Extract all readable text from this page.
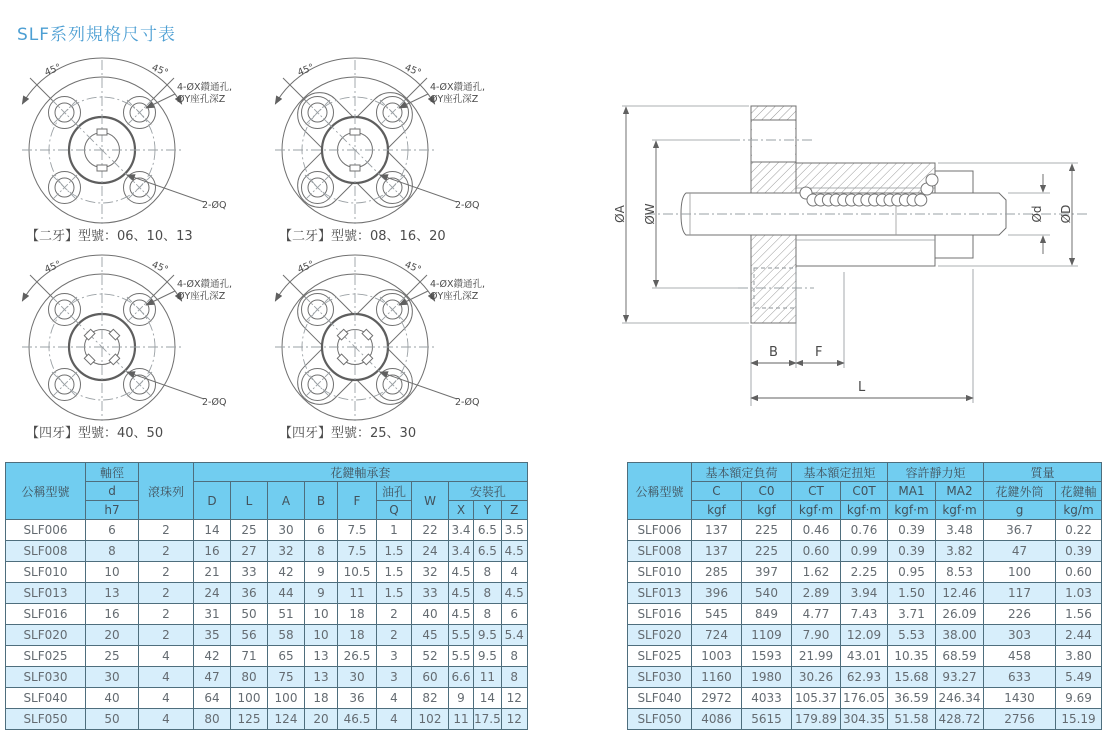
SLF系列規格尺寸表
45°	45°
4-ØX鑽通孔,
ØY座孔深Z
2-ØQ
【二牙】型號：06、10、13
45°	45°
4-ØX鑽通孔,
ØY座孔深Z
2-ØQ
【二牙】型號：08、16、20
45°	45°
4-ØX鑽通孔,
ØY座孔深Z
2-ØQ
【四牙】型號：40、50
45°	45°
4-ØX鑽通孔,
ØY座孔深Z
2-ØQ
【四牙】型號：25、30
ØA ØW	Ød ØD
B	F
L
公稱型號	軸徑	滾珠列	花鍵軸承套									
	d		D	L	A	B	F	油孔	W	安裝孔		
	h7							Q		X	Y	Z
SLF006	6	2	14	25	30	6	7.5	1	22	3.4	6.5	3.5
SLF008	8	2	16	27	32	8	7.5	1.5	24	3.4	6.5	4.5
SLF010	10	2	21	33	42	9	10.5	1.5	32	4.5	8	4
SLF013	13	2	24	36	44	9	11	1.5	33	4.5	8	4.5
SLF016	16	2	31	50	51	10	18	2	40	4.5	8	6
SLF020	20	2	35	56	58	10	18	2	45	5.5	9.5	5.4
SLF025	25	4	42	71	65	13	26.5	3	52	5.5	9.5	8
SLF030	30	4	47	80	75	13	30	3	60	6.6	11	8
SLF040	40	4	64	100	100	18	36	4	82	9	14	12
SLF050	50	4	80	125	124	20	46.5	4	102	11	17.5	12
公稱型號	基本額定負荷		基本額定扭矩		容許靜力矩		質量	
	C	C0	CT	C0T	MA1	MA2	花鍵外筒	花鍵軸
	kgf	kgf	kgf·m	kgf·m	kgf·m	kgf·m	g	kg/m
SLF006	137	225	0.46	0.76	0.39	3.48	36.7	0.22
SLF008	137	225	0.60	0.99	0.39	3.82	47	0.39
SLF010	285	397	1.62	2.25	0.95	8.53	100	0.60
SLF013	396	540	2.89	3.94	1.50	12.46	117	1.03
SLF016	545	849	4.77	7.43	3.71	26.09	226	1.56
SLF020	724	1109	7.90	12.09	5.53	38.00	303	2.44
SLF025	1003	1593	21.99	43.01	10.35	68.59	458	3.80
SLF030	1160	1980	30.26	62.93	15.68	93.27	633	5.49
SLF040	2972	4033	105.37	176.05	36.59	246.34	1430	9.69
SLF050	4086	5615	179.89	304.35	51.58	428.72	2756	15.19
